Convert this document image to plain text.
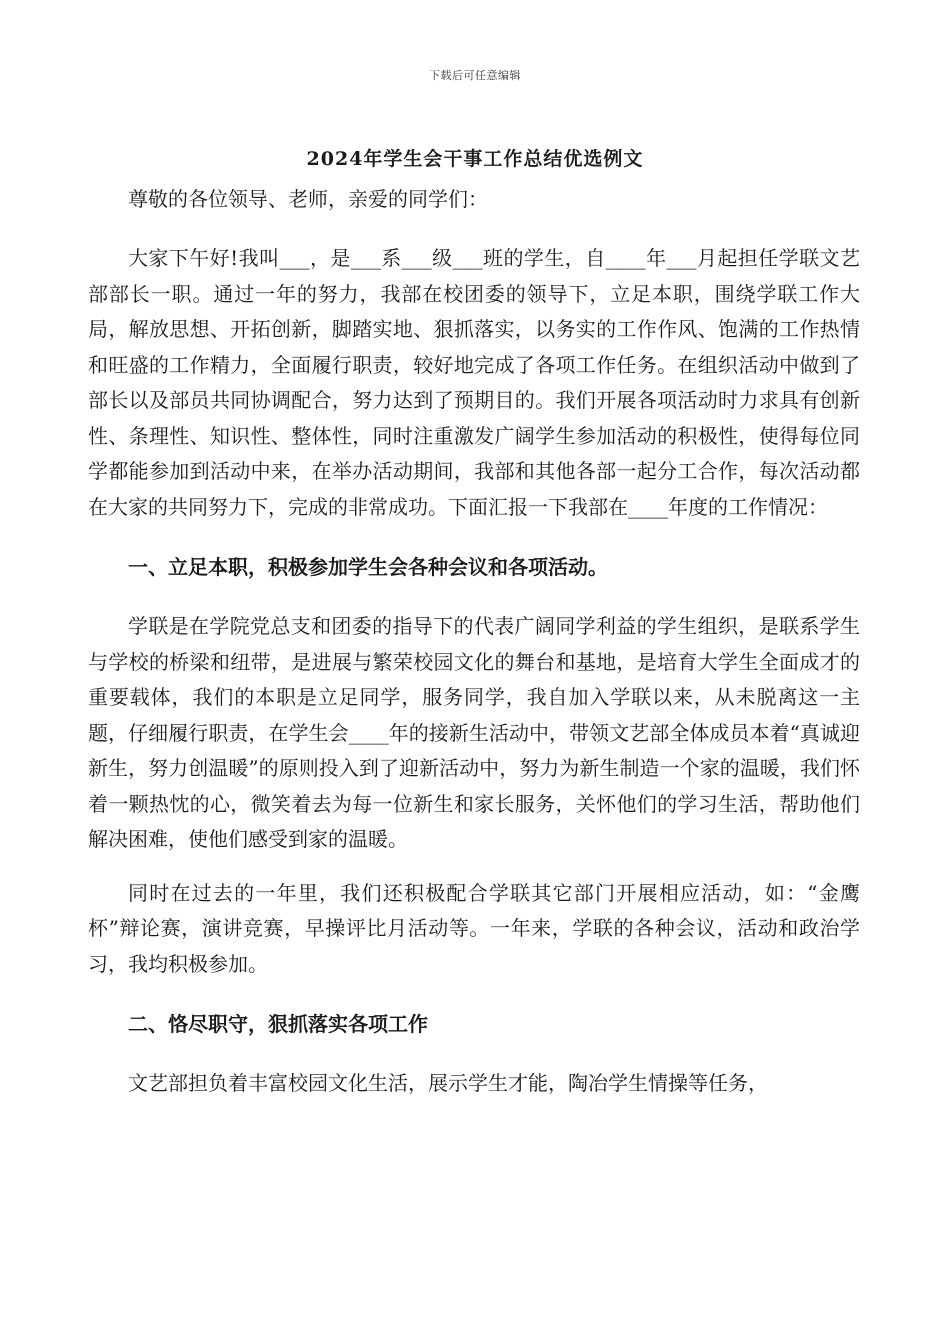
下载后可任意编辑
2024年学生会干事工作总结优选例文

尊敬的各位领导、老师，亲爱的同学们：

大家下午好!我叫___，是___系___级___班的学生，自____年___月起担任学联文艺部部长一职。通过一年的努力，我部在校团委的领导下，立足本职，围绕学联工作大局，解放思想、开拓创新，脚踏实地、狠抓落实，以务实的工作作风、饱满的工作热情和旺盛的工作精力，全面履行职责，较好地完成了各项工作任务。在组织活动中做到了部长以及部员共同协调配合，努力达到了预期目的。我们开展各项活动时力求具有创新性、条理性、知识性、整体性，同时注重激发广阔学生参加活动的积极性，使得每位同学都能参加到活动中来，在举办活动期间，我部和其他各部一起分工合作，每次活动都在大家的共同努力下，完成的非常成功。下面汇报一下我部在____年度的工作情况：

一、立足本职，积极参加学生会各种会议和各项活动。

学联是在学院党总支和团委的指导下的代表广阔同学利益的学生组织，是联系学生与学校的桥梁和纽带，是进展与繁荣校园文化的舞台和基地，是培育大学生全面成才的重要载体，我们的本职是立足同学，服务同学，我自加入学联以来，从未脱离这一主题，仔细履行职责，在学生会____年的接新生活动中，带领文艺部全体成员本着“真诚迎新生，努力创温暖”的原则投入到了迎新活动中，努力为新生制造一个家的温暖，我们怀着一颗热忱的心，微笑着去为每一位新生和家长服务，关怀他们的学习生活，帮助他们解决困难，使他们感受到家的温暖。

同时在过去的一年里，我们还积极配合学联其它部门开展相应活动，如：“金鹰杯”辩论赛，演讲竞赛，早操评比月活动等。一年来，学联的各种会议，活动和政治学习，我均积极参加。

二、恪尽职守，狠抓落实各项工作

文艺部担负着丰富校园文化生活，展示学生才能，陶冶学生情操等任务，
